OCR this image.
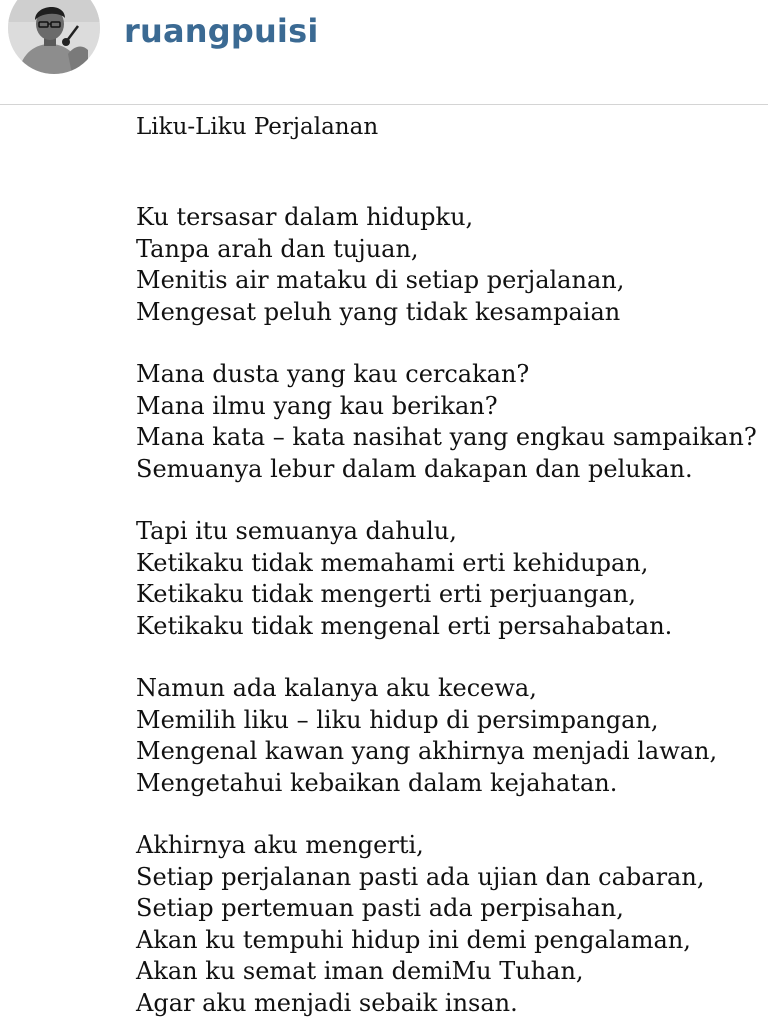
ruangpuisi

Liku-Liku Perjalanan

Ku tersasar dalam hidupku,
Tanpa arah dan tujuan,
Menitis air mataku di setiap perjalanan,
Mengesat peluh yang tidak kesampaian
Mana dusta yang kau cercakan?
Mana ilmu yang kau berikan?
Mana kata – kata nasihat yang engkau sampaikan?
Semuanya lebur dalam dakapan dan pelukan.
Tapi itu semuanya dahulu,
Ketikaku tidak memahami erti kehidupan,
Ketikaku tidak mengerti erti perjuangan,
Ketikaku tidak mengenal erti persahabatan.
Namun ada kalanya aku kecewa,
Memilih liku – liku hidup di persimpangan,
Mengenal kawan yang akhirnya menjadi lawan,
Mengetahui kebaikan dalam kejahatan.
Akhirnya aku mengerti,
Setiap perjalanan pasti ada ujian dan cabaran,
Setiap pertemuan pasti ada perpisahan,
Akan ku tempuhi hidup ini demi pengalaman,
Akan ku semat iman demiMu Tuhan,
Agar aku menjadi sebaik insan.
